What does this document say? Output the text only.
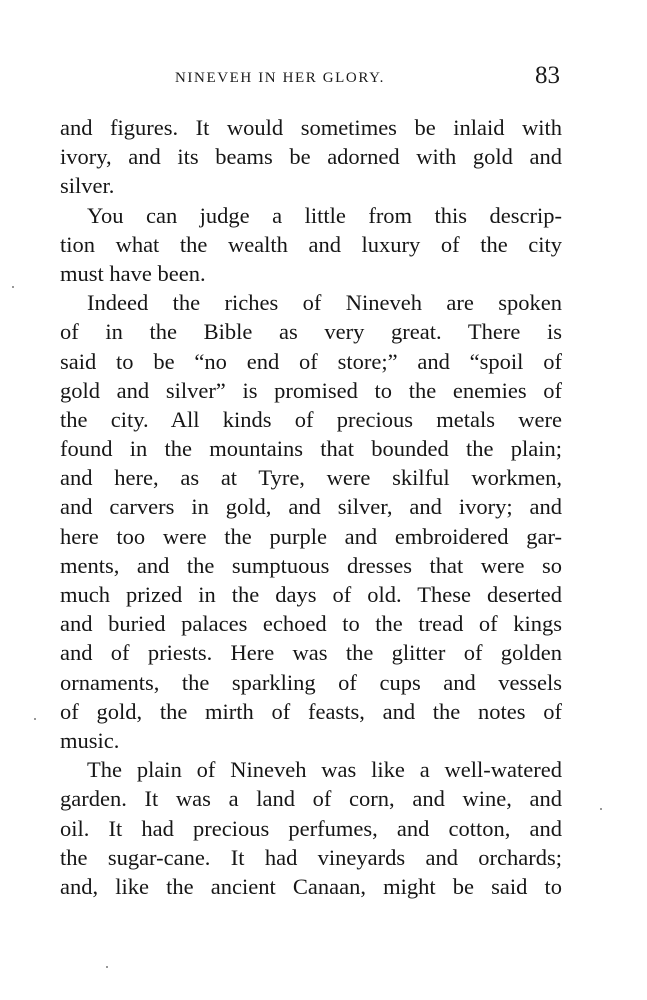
NINEVEH IN HER GLORY.	83
and figures. It would sometimes be inlaid with
ivory, and its beams be adorned with gold and
silver.
You can judge a little from this descrip-
tion what the wealth and luxury of the city
must have been.
Indeed the riches of Nineveh are spoken
of in the Bible as very great. There is
said to be “no end of store;” and “spoil of
gold and silver” is promised to the enemies of
the city. All kinds of precious metals were
found in the mountains that bounded the plain;
and here, as at Tyre, were skilful workmen,
and carvers in gold, and silver, and ivory; and
here too were the purple and embroidered gar-
ments, and the sumptuous dresses that were so
much prized in the days of old. These deserted
and buried palaces echoed to the tread of kings
and of priests. Here was the glitter of golden
ornaments, the sparkling of cups and vessels
of gold, the mirth of feasts, and the notes of
music.
The plain of Nineveh was like a well-watered
garden. It was a land of corn, and wine, and
oil. It had precious perfumes, and cotton, and
the sugar-cane. It had vineyards and orchards;
and, like the ancient Canaan, might be said to
